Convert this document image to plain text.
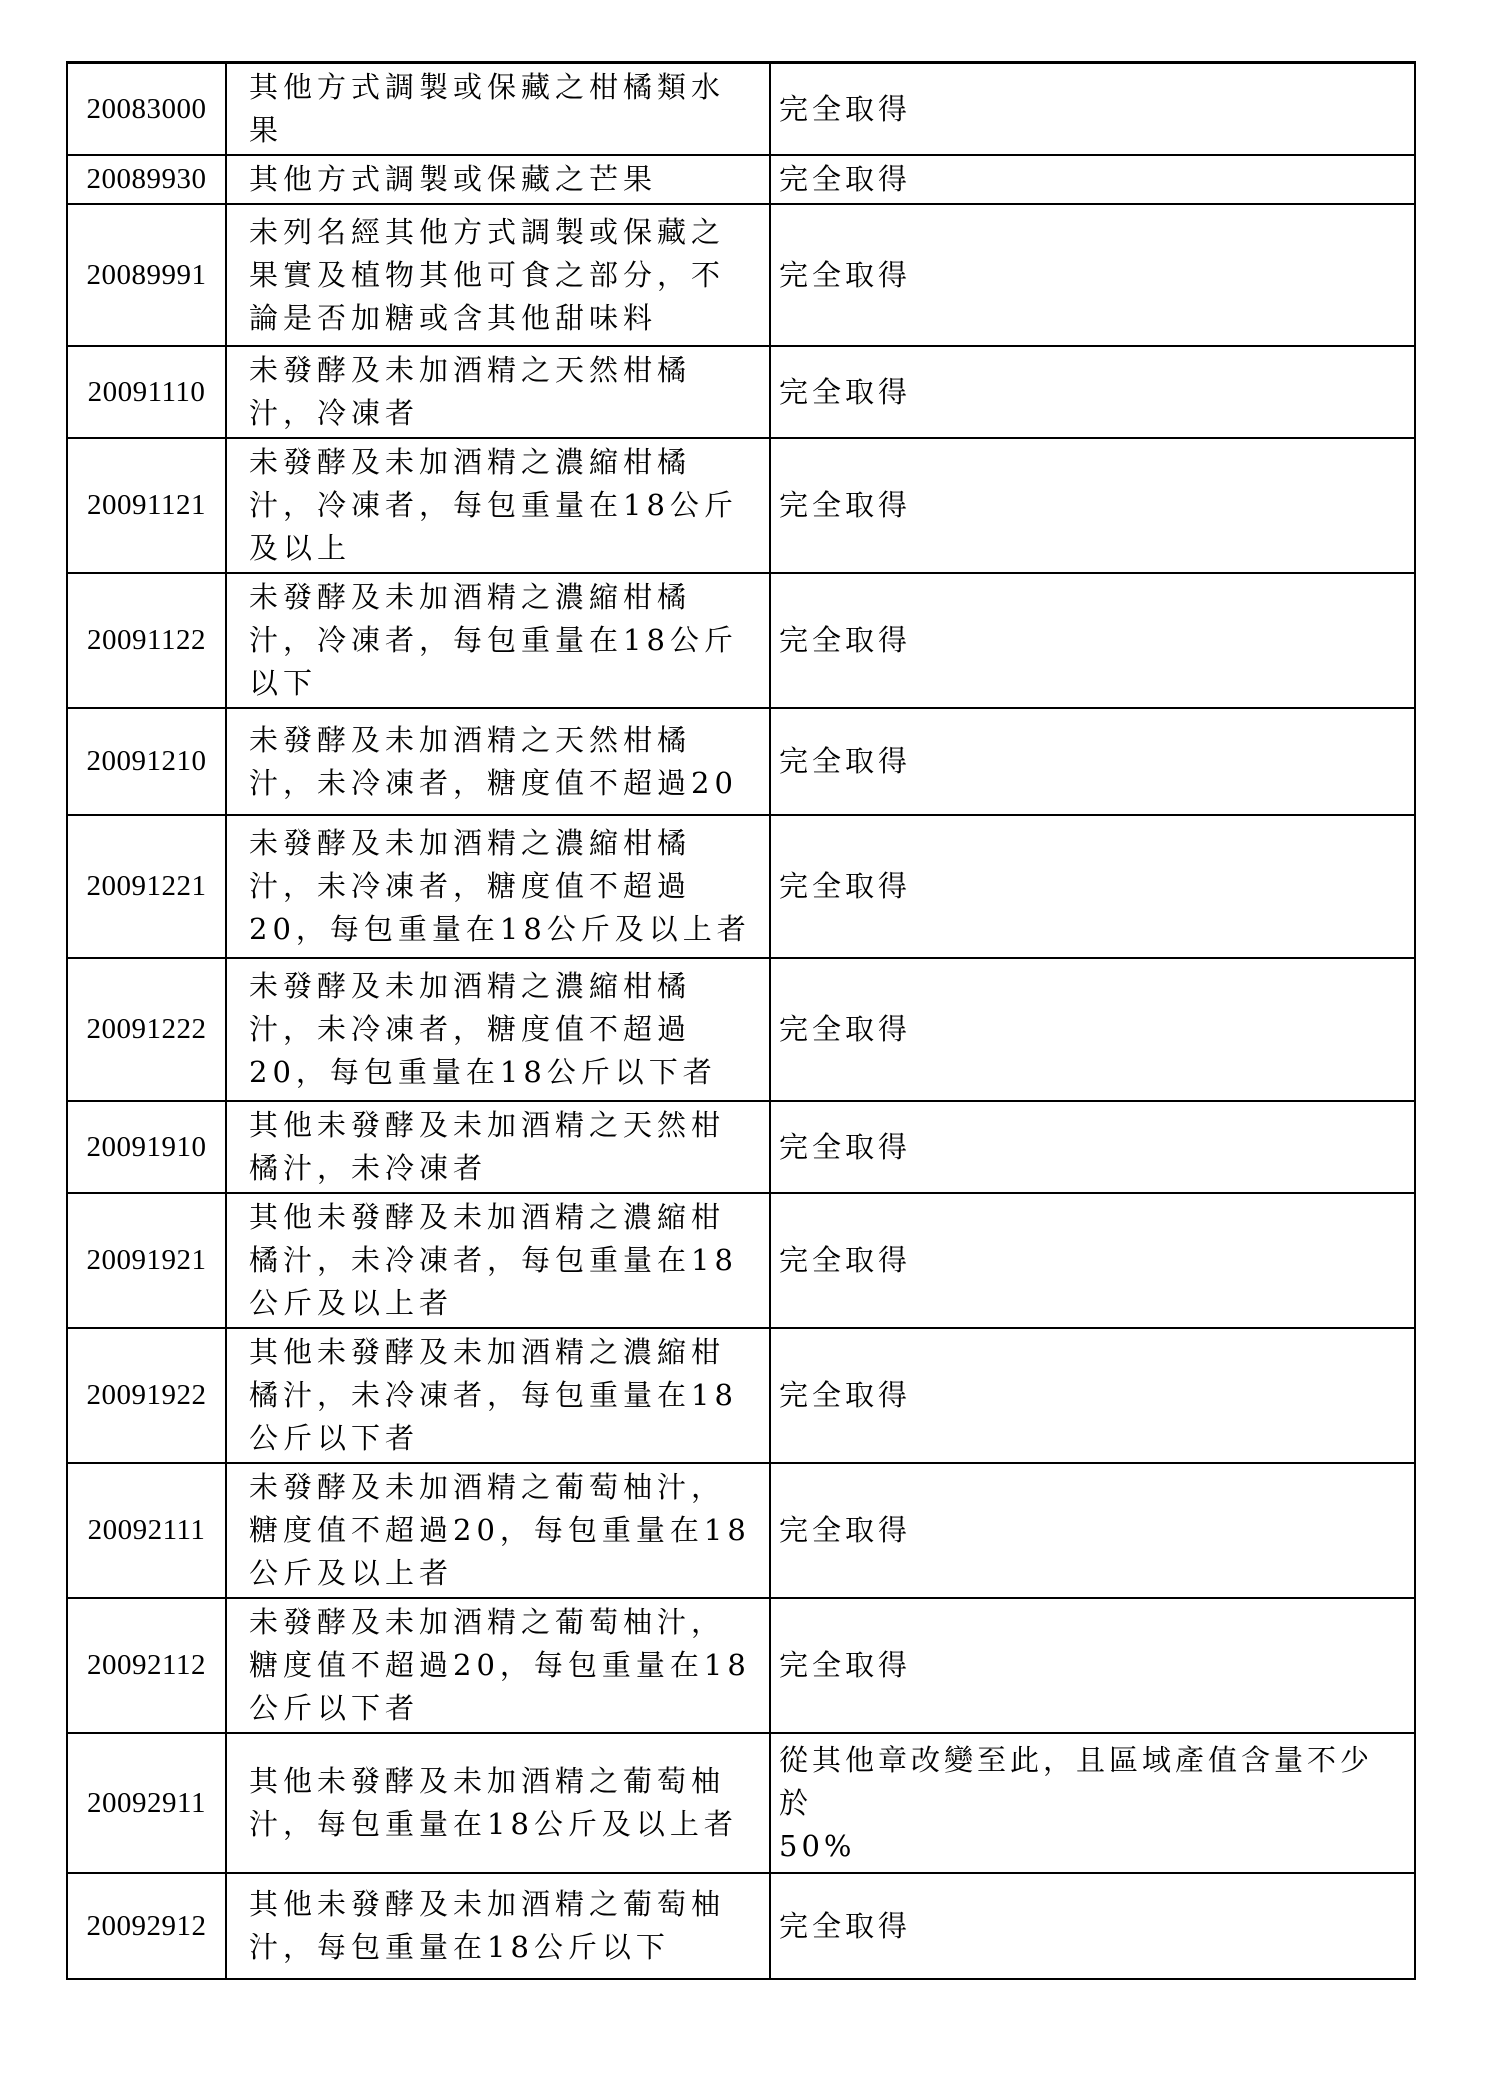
20083000	其他方式調製或保藏之柑橘類水
果	完全取得
20089930	其他方式調製或保藏之芒果	完全取得
20089991	未列名經其他方式調製或保藏之
果實及植物其他可食之部分，不
論是否加糖或含其他甜味料	完全取得
20091110	未發酵及未加酒精之天然柑橘
汁，冷凍者	完全取得
20091121	未發酵及未加酒精之濃縮柑橘
汁，冷凍者，每包重量在18公斤
及以上	完全取得
20091122	未發酵及未加酒精之濃縮柑橘
汁，冷凍者，每包重量在18公斤
以下	完全取得
20091210	未發酵及未加酒精之天然柑橘
汁，未冷凍者，糖度值不超過20	完全取得
20091221	未發酵及未加酒精之濃縮柑橘
汁，未冷凍者，糖度值不超過
20，每包重量在18公斤及以上者	完全取得
20091222	未發酵及未加酒精之濃縮柑橘
汁，未冷凍者，糖度值不超過
20，每包重量在18公斤以下者	完全取得
20091910	其他未發酵及未加酒精之天然柑
橘汁，未冷凍者	完全取得
20091921	其他未發酵及未加酒精之濃縮柑
橘汁，未冷凍者，每包重量在18
公斤及以上者	完全取得
20091922	其他未發酵及未加酒精之濃縮柑
橘汁，未冷凍者，每包重量在18
公斤以下者	完全取得
20092111	未發酵及未加酒精之葡萄柚汁，
糖度值不超過20，每包重量在18
公斤及以上者	完全取得
20092112	未發酵及未加酒精之葡萄柚汁，
糖度值不超過20，每包重量在18
公斤以下者	完全取得
20092911	其他未發酵及未加酒精之葡萄柚
汁，每包重量在18公斤及以上者	從其他章改變至此，且區域產值含量不少於
50%
20092912	其他未發酵及未加酒精之葡萄柚
汁，每包重量在18公斤以下	完全取得
